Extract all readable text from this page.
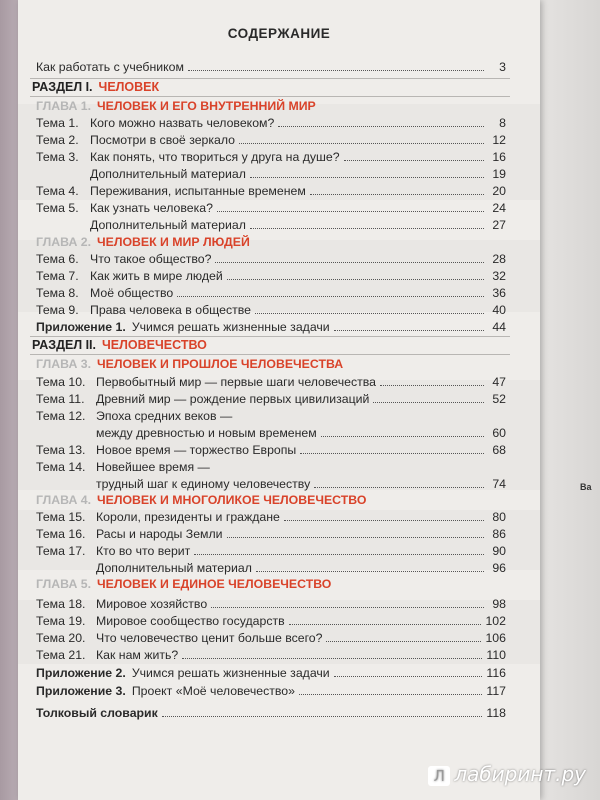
Ва
СОДЕРЖАНИЕ
Как работать с учебником	3
РАЗДЕЛ I. ЧЕЛОВЕК
ГЛАВА 1. ЧЕЛОВЕК И ЕГО ВНУТРЕННИЙ МИР
Тема 1. Кого можно назвать человеком?	8
Тема 2. Посмотри в своё зеркало	12
Тема 3. Как понять, что твориться у друга на душе?	16
Дополнительный материал	19
Тема 4. Переживания, испытанные временем	20
Тема 5. Как узнать человека?	24
Дополнительный материал	27
ГЛАВА 2. ЧЕЛОВЕК И МИР ЛЮДЕЙ
Тема 6. Что такое общество?	28
Тема 7. Как жить в мире людей	32
Тема 8. Моё общество	36
Тема 9. Права человека в обществе	40
Приложение 1. Учимся решать жизненные задачи	44
РАЗДЕЛ II. ЧЕЛОВЕЧЕСТВО
ГЛАВА 3. ЧЕЛОВЕК И ПРОШЛОЕ ЧЕЛОВЕЧЕСТВА
Тема 10. Первобытный мир — первые шаги человечества	47
Тема 11. Древний мир — рождение первых цивилизаций	52
Тема 12. Эпоха средних веков —
между древностью и новым временем	60
Тема 13. Новое время — торжество Европы	68
Тема 14. Новейшее время —
трудный шаг к единому человечеству	74
ГЛАВА 4. ЧЕЛОВЕК И МНОГОЛИКОЕ ЧЕЛОВЕЧЕСТВО
Тема 15. Короли, президенты и граждане	80
Тема 16. Расы и народы Земли	86
Тема 17. Кто во что верит	90
Дополнительный материал	96
ГЛАВА 5. ЧЕЛОВЕК И ЕДИНОЕ ЧЕЛОВЕЧЕСТВО
Тема 18. Мировое хозяйство	98
Тема 19. Мировое сообщество государств	102
Тема 20. Что человечество ценит больше всего?	106
Тема 21. Как нам жить?	110
Приложение 2. Учимся решать жизненные задачи	116
Приложение 3. Проект «Моё человечество»	117
Толковый словарик	118
Л лабиринт.ру
